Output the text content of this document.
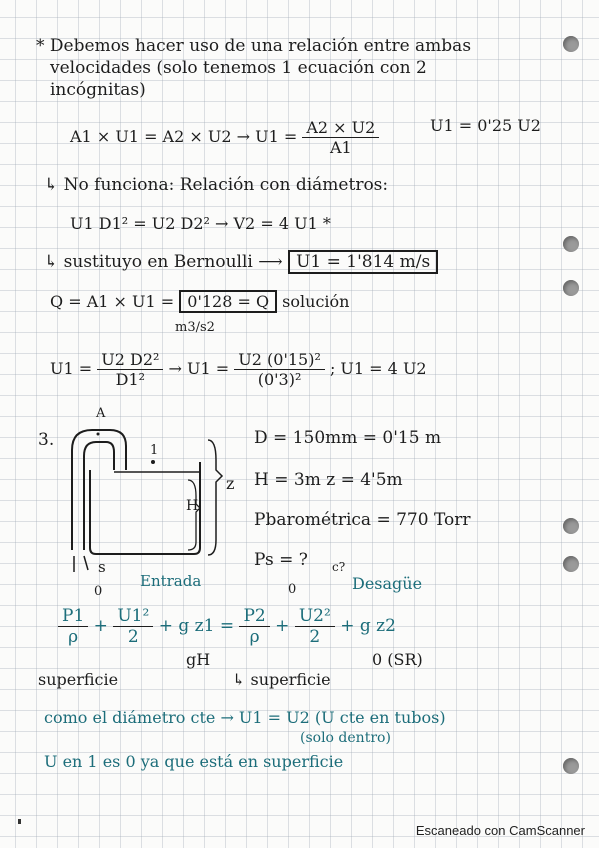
* Debemos hacer uso de una relación entre ambas
velocidades (solo tenemos 1 ecuación con 2
incógnitas)
$A1 \times U1 = A2 \times U2 \to U1 = \frac{A2 \times U2}{A1}$	U1 = 0'25 U2
↳ No funciona: Relación con diámetros:
U1 D1² = U2 D2² → V2 = 4 U1 *
↳ sustituyo en Bernoulli ⟶ U1 = 1'814 m/s
Q = A1 × U1 = 0'128 = Q solución
m3/s2
$U1 = \frac{\text{U2 D2²}}{\text{D1²}} \to U1 = \frac{\text{U2 (0'15)²}}{\text{(0'3)²}}$ ; U1 = 4 U2
3.
A
1
z
H
s
D = 150mm = 0'15 m
H = 3m z = 4'5m
Pbarométrica = 770 Torr
Ps = ?
Entrada	Desagüe
0	0
c?
$\frac{P1}{\rho} + \frac{\text{U1²}}{2} + g$ $z1 = \frac{P2}{\rho} + \frac{\text{U2²}}{2} + g$ z2
gH	0 (SR)
superficie	↳ superficie
como el diámetro cte → U1 = U2 (U cte en tubos)
(solo dentro)
U en 1 es 0 ya que está en superficie
Escaneado con CamScanner
